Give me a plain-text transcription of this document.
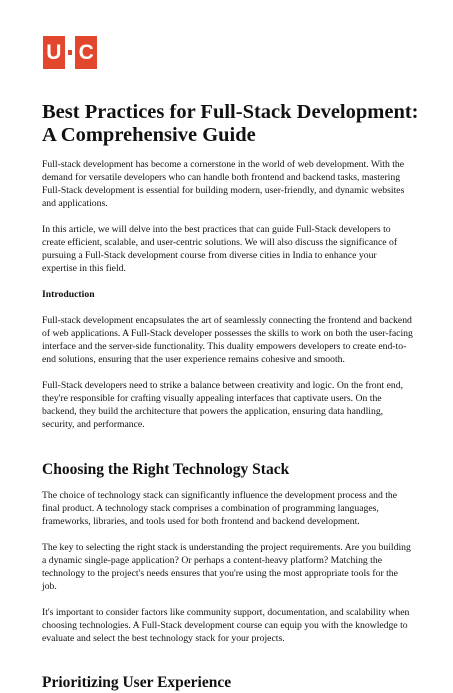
U C
Best Practices for Full-Stack Development: A Comprehensive Guide

Full-stack development has become a cornerstone in the world of web development. With the demand for versatile developers who can handle both frontend and backend tasks, mastering Full-Stack development is essential for building modern, user-friendly, and dynamic websites and applications.

In this article, we will delve into the best practices that can guide Full-Stack developers to create efficient, scalable, and user-centric solutions. We will also discuss the significance of pursuing a Full-Stack development course from diverse cities in India to enhance your expertise in this field.

Introduction

Full-stack development encapsulates the art of seamlessly connecting the frontend and backend of web applications. A Full-Stack developer possesses the skills to work on both the user-facing interface and the server-side functionality. This duality empowers developers to create end-to-end solutions, ensuring that the user experience remains cohesive and smooth.

Full-Stack developers need to strike a balance between creativity and logic. On the front end, they're responsible for crafting visually appealing interfaces that captivate users. On the backend, they build the architecture that powers the application, ensuring data handling, security, and performance.

Choosing the Right Technology Stack

The choice of technology stack can significantly influence the development process and the final product. A technology stack comprises a combination of programming languages, frameworks, libraries, and tools used for both frontend and backend development.

The key to selecting the right stack is understanding the project requirements. Are you building a dynamic single-page application? Or perhaps a content-heavy platform? Matching the technology to the project's needs ensures that you're using the most appropriate tools for the job.

It's important to consider factors like community support, documentation, and scalability when choosing technologies. A Full-Stack development course can equip you with the knowledge to evaluate and select the best technology stack for your projects.

Prioritizing User Experience
